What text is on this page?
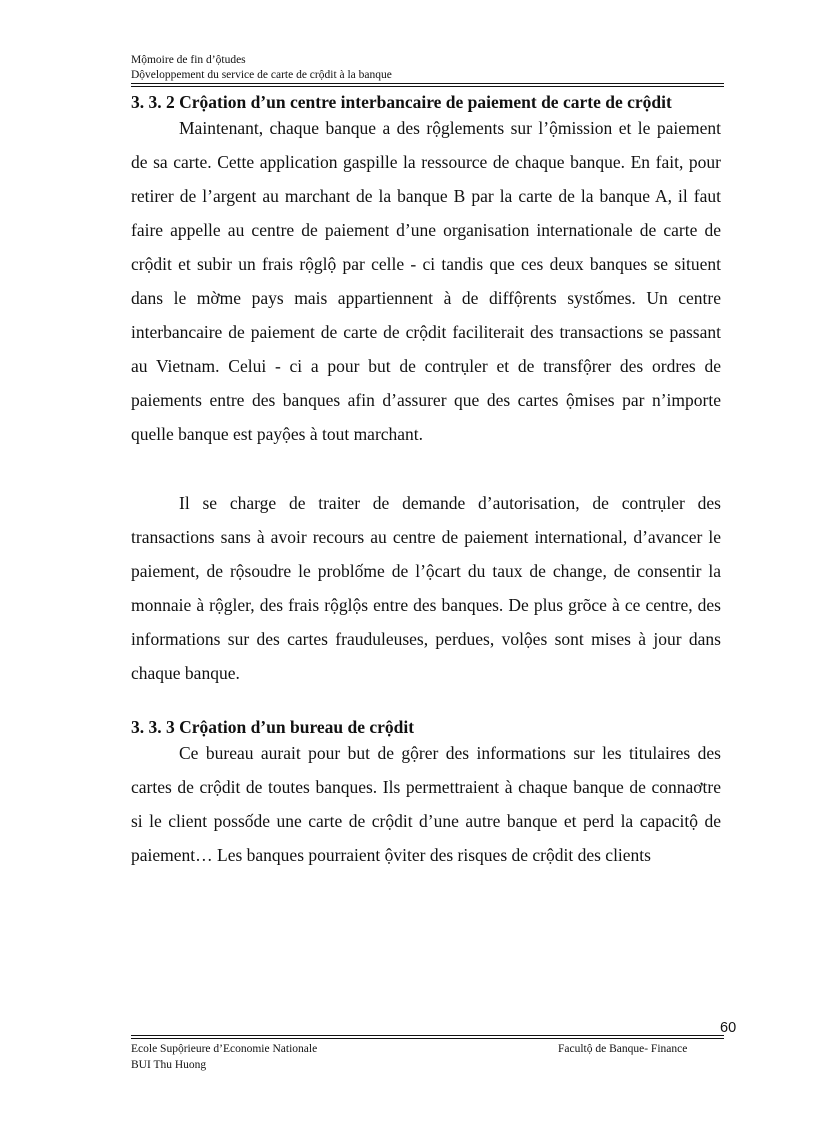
Mộmoire de fin d’ộtudes
Dộveloppement du service de carte de crộdit à la banque
3. 3. 2 Crộation d’un centre interbancaire de paiement de carte de crộdit

Maintenant, chaque banque a des rộglements sur l’ộmission et le paiement de sa carte. Cette application gaspille la ressource de chaque banque. En fait, pour retirer de l’argent au marchant de la banque B par la carte de la banque A, il faut faire appelle au centre de paiement d’une organisation internationale de carte de crộdit et subir un frais rộglộ par celle - ci tandis que ces deux banques se situent dans le mờme pays mais appartiennent à de diffộrents systốmes. Un centre interbancaire de paiement de carte de crộdit faciliterait des transactions se passant au Vietnam. Celui - ci a pour but de contrụler et de transfộrer des ordres de paiements entre des banques afin d’assurer que des cartes ộmises par n’importe quelle banque est payộes à tout marchant.

Il se charge de traiter de demande d’autorisation, de contrụler des transactions sans à avoir recours au centre de paiement international, d’avancer le paiement, de rộsoudre le problốme de l’ộcart du taux de change, de consentir la monnaie à rộgler, des frais rộglộs entre des banques. De plus grõce à ce centre, des informations sur des cartes frauduleuses, perdues, volộes sont mises à jour dans chaque banque.

3. 3. 3 Crộation d’un bureau de crộdit

Ce bureau aurait pour but de gộrer des informations sur les titulaires des cartes de crộdit de toutes banques. Ils permettraient à chaque banque de connaơtre si le client possốde une carte de crộdit d’une autre banque et perd la capacitộ de paiement… Les banques pourraient ộviter des risques de crộdit des clients

60
Ecole Supộrieure d’Economie Nationale
BUI Thu Huong
Facultộ de Banque- Finance
